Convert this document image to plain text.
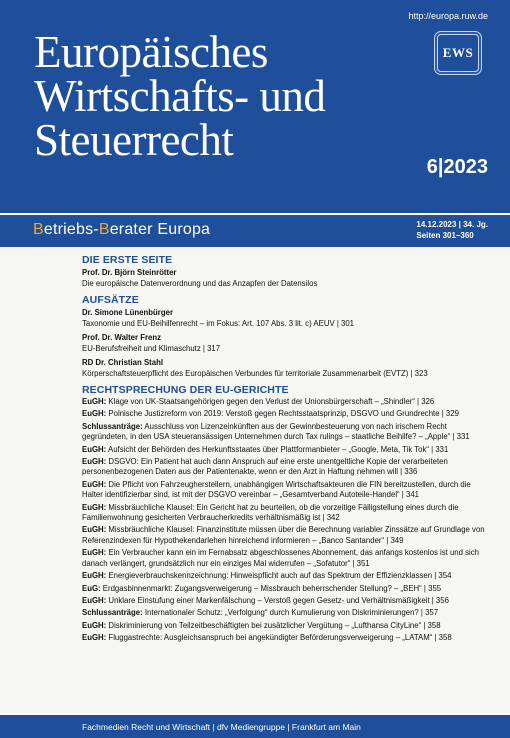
http://europa.ruw.de
Europäisches
Wirtschafts- und
Steuerrecht
EWS
6|2023
Betriebs-Berater Europa	14.12.2023 | 34. Jg.
Seiten 301–360
DIE ERSTE SEITE
Prof. Dr. Björn Steinrötter
Die europäische Datenverordnung und das Anzapfen der Datensilos
AUFSÄTZE
Dr. Simone Lünenbürger
Taxonomie und EU-Beihilfenrecht – im Fokus: Art. 107 Abs. 3 lit. c) AEUV | 301
Prof. Dr. Walter Frenz
EU-Berufsfreiheit und Klimaschutz | 317
RD Dr. Christian Stahl
Körperschaftsteuerpflicht des Europäischen Verbundes für territoriale Zusammenarbeit (EVTZ) | 323
RECHTSPRECHUNG DER EU-GERICHTE
EuGH: Klage von UK-Staatsangehörigen gegen den Verlust der Unionsbürgerschaft – „Shindler“ | 326
EuGH: Polnische Justizreform von 2019: Verstoß gegen Rechtsstaatsprinzip, DSGVO und Grundrechte | 329
Schlussanträge: Ausschluss von Lizenzeinkünften aus der Gewinnbesteuerung von nach irischem Recht gegründeten, in den USA steueransässigen Unternehmen durch Tax rulings – staatliche Beihilfe? – „Apple“ | 331
EuGH: Aufsicht der Behörden des Herkunftsstaates über Plattformanbieter – „Google, Meta, Tik Tok“ | 331
EuGH: DSGVO: Ein Patient hat auch dann Anspruch auf eine erste unentgeltliche Kopie der verarbeiteten personenbezogenen Daten aus der Patientenakte, wenn er den Arzt in Haftung nehmen will | 336
EuGH: Die Pflicht von Fahrzeugherstellern, unabhängigen Wirtschaftsakteuren die FIN bereitzustellen, durch die Halter identifizierbar sind, ist mit der DSGVO vereinbar – „Gesamtverband Autoteile-Handel“ | 341
EuGH: Missbräuchliche Klausel: Ein Gericht hat zu beurteilen, ob die vorzeitige Fälligstellung eines durch die Familienwohnung gesicherten Verbraucherkredits verhältnismäßig ist | 342
EuGH: Missbräuchliche Klausel: Finanzinstitute müssen über die Berechnung variabler Zinssätze auf Grundlage von Referenzindexen für Hypothekendarlehen hinreichend informieren – „Banco Santander“ | 349
EuGH: Ein Verbraucher kann ein im Fernabsatz abgeschlossenes Abonnement, das anfangs kostenlos ist und sich danach verlängert, grundsätzlich nur ein einziges Mal widerrufen – „Sofatutor“ | 351
EuGH: Energieverbrauchskennzeichnung: Hinweispflicht auch auf das Spektrum der Effizienzklassen | 354
EuG: Erdgasbinnenmarkt: Zugangsverweigerung – Missbrauch beherrschender Stellung? – „BEH“ | 355
EuGH: Unklare Einstufung einer Markenfälschung – Verstoß gegen Gesetz- und Verhältnismäßigkeit | 356
Schlussanträge: Internationaler Schutz: „Verfolgung“ durch Kumulierung von Diskriminierungen? | 357
EuGH: Diskriminierung von Teilzeitbeschäftigten bei zusätzlicher Vergütung – „Lufthansa CityLine“ | 358
EuGH: Fluggastrechte: Ausgleichsanspruch bei angekündigter Beförderungsverweigerung – „LATAM“ | 358
Fachmedien Recht und Wirtschaft | dfv Mediengruppe | Frankfurt am Main
